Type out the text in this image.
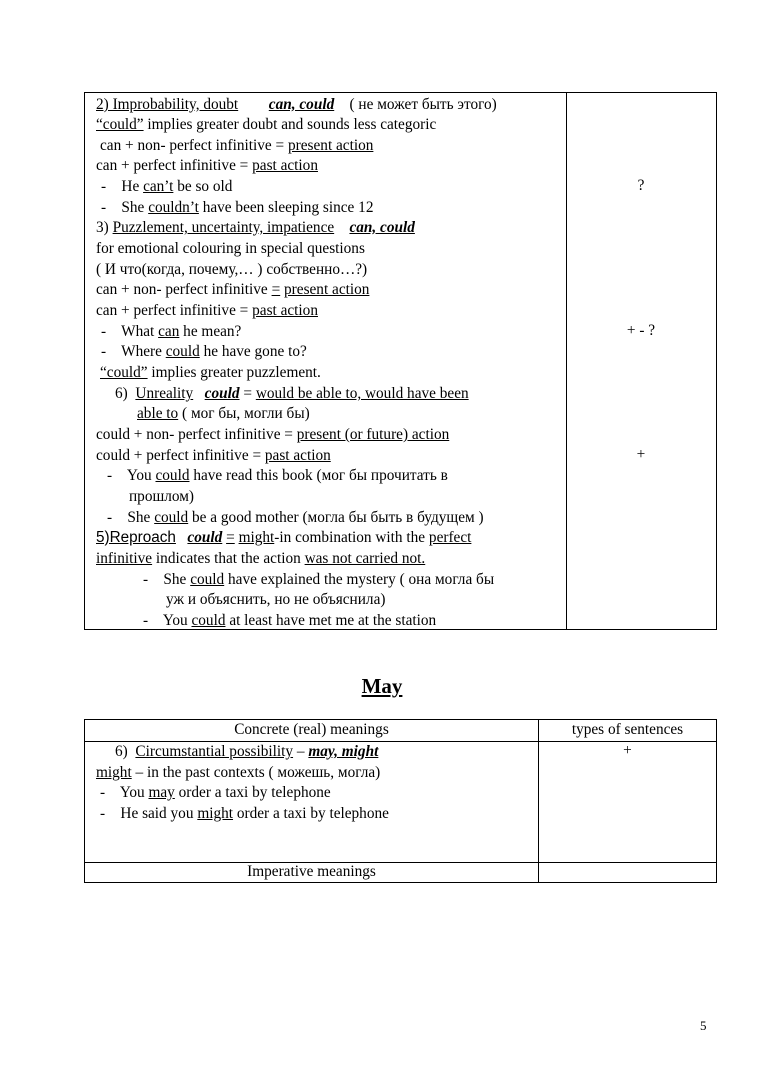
2) Improbability, doubt can, could ( не может быть этого)
“could” implies greater doubt and sounds less categoric
can + non- perfect infinitive = present action
can + perfect infinitive = past action
- He can’t be so old
- She couldn’t have been sleeping since 12
3) Puzzlement, uncertainty, impatience can, could
for emotional colouring in special questions
( И что(когда, почему,… ) собственно…?)
can + non- perfect infinitive = present action
can + perfect infinitive = past action
- What can he mean?
- Where could he have gone to?
“could” implies greater puzzlement.
6) Unreality could = would be able to, would have been
able to ( мог бы, могли бы)
could + non- perfect infinitive = present (or future) action
could + perfect infinitive = past action
- You could have read this book (мог бы прочитать в
прошлом)
- She could be a good mother (могла бы быть в будущем )
5)Reproach could = might-in combination with the perfect
infinitive indicates that the action was not carried not.
- She could have explained the mystery ( она могла бы
уж и объяснить, но не объяснила)
- You could at least have met me at the station
?
+ - ?
+
May
Concrete (real) meanings	types of sentences
6) Circumstantial possibility – may, might
might – in the past contexts ( можешь, могла)
- You may order a taxi by telephone
- He said you might order a taxi by telephone
+
Imperative meanings
5
